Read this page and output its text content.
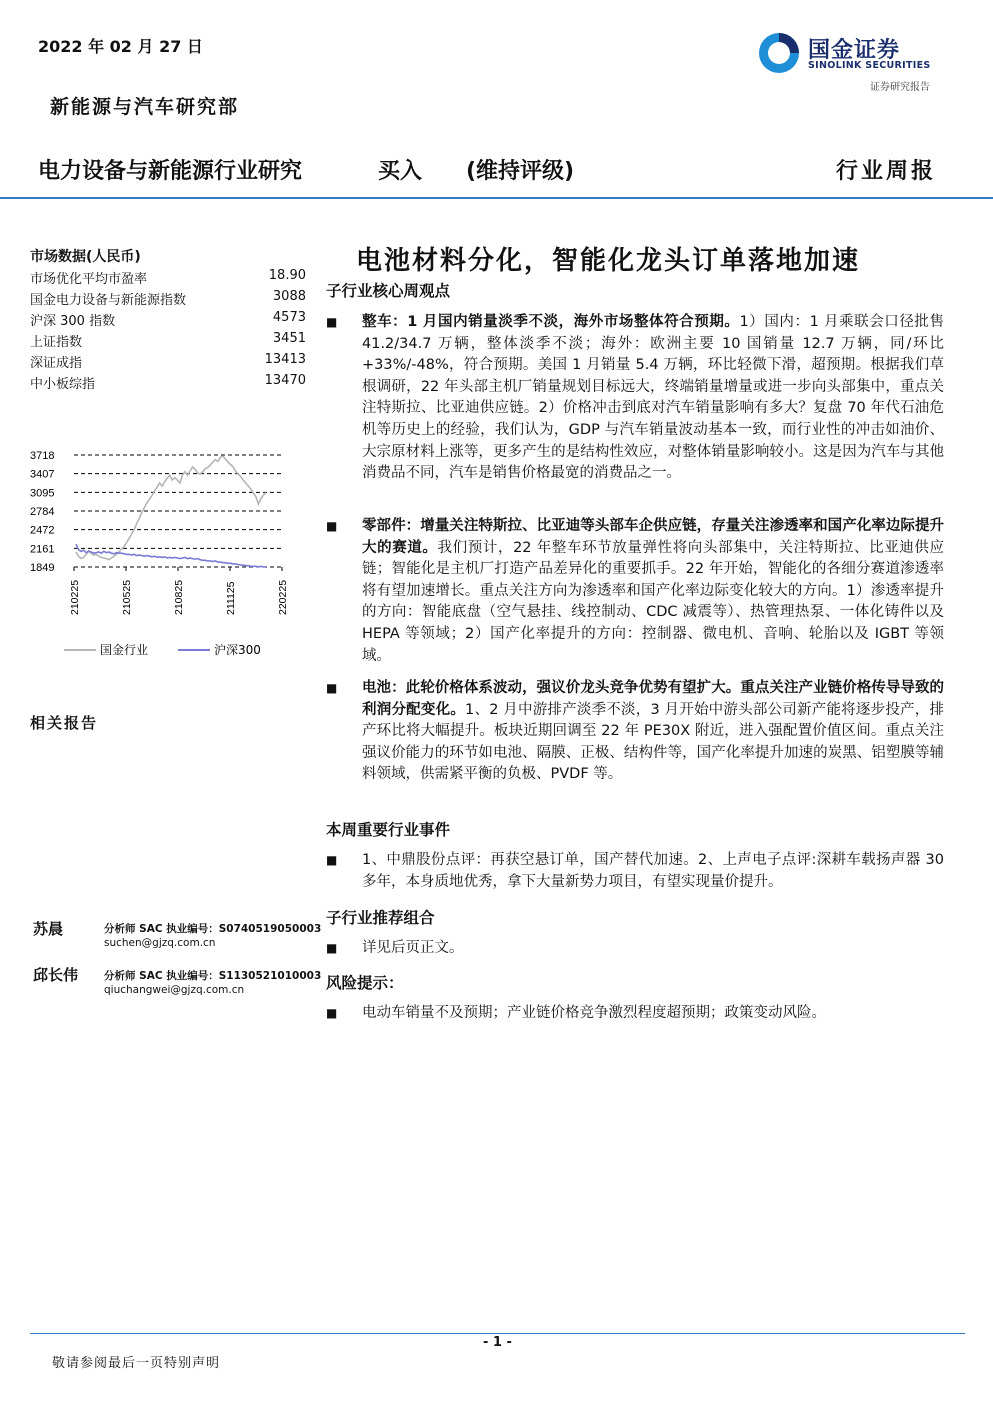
2022 年 02 月 27 日	国金证券
SINOLINK SECURITIES
证券研究报告
新能源与汽车研究部
电力设备与新能源行业研究	买入 (维持评级)	行业周报
市场数据(人民币)
市场优化平均市盈率	18.90
国金电力设备与新能源指数	3088
沪深 300 指数	4573
上证指数	3451
深证成指	13413
中小板综指	13470
3718
3407
3095
2784
2472
2161
1849
210225	210525	210825	211125	220225
国金行业	沪深300
相关报告
苏晨	分析师 SAC 执业编号：S0740519050003
suchen@gjzq.com.cn
邱长伟 分析师 SAC 执业编号：S1130521010003
qiuchangwei@gjzq.com.cn
电池材料分化，智能化龙头订单落地加速
子行业核心周观点
■ 整车：1 月国内销量淡季不淡，海外市场整体符合预期。1）国内：1 月乘联会口径批售 41.2/34.7 万辆，整体淡季不淡；海外：欧洲主要 10 国销量 12.7 万辆，同/环比+33%/-48%，符合预期。美国 1 月销量 5.4 万辆，环比轻微下滑，超预期。根据我们草根调研，22 年头部主机厂销量规划目标远大，终端销量增量或进一步向头部集中，重点关注特斯拉、比亚迪供应链。2）价格冲击到底对汽车销量影响有多大？复盘 70 年代石油危机等历史上的经验，我们认为，GDP 与汽车销量波动基本一致，而行业性的冲击如油价、大宗原材料上涨等，更多产生的是结构性效应，对整体销量影响较小。这是因为汽车与其他消费品不同，汽车是销售价格最宽的消费品之一。
■ 零部件：增量关注特斯拉、比亚迪等头部车企供应链，存量关注渗透率和国产化率边际提升大的赛道。我们预计，22 年整车环节放量弹性将向头部集中，关注特斯拉、比亚迪供应链；智能化是主机厂打造产品差异化的重要抓手。22 年开始，智能化的各细分赛道渗透率将有望加速增长。重点关注方向为渗透率和国产化率边际变化较大的方向。1）渗透率提升的方向：智能底盘（空气悬挂、线控制动、CDC 减震等）、热管理热泵、一体化铸件以及 HEPA 等领域；2）国产化率提升的方向：控制器、微电机、音响、轮胎以及 IGBT 等领域。
■ 电池：此轮价格体系波动，强议价龙头竞争优势有望扩大。重点关注产业链价格传导导致的利润分配变化。1、2 月中游排产淡季不淡，3 月开始中游头部公司新产能将逐步投产，排产环比将大幅提升。板块近期回调至 22 年 PE30X 附近，进入强配置价值区间。重点关注强议价能力的环节如电池、隔膜、正极、结构件等，国产化率提升加速的炭黑、铝塑膜等辅料领域，供需紧平衡的负极、PVDF 等。
本周重要行业事件
■ 1、中鼎股份点评：再获空悬订单，国产替代加速。2、上声电子点评:深耕车载扬声器 30 多年，本身质地优秀，拿下大量新势力项目，有望实现量价提升。
子行业推荐组合
■ 详见后页正文。
风险提示：
■ 电动车销量不及预期；产业链价格竞争激烈程度超预期；政策变动风险。
- 1 -
敬请参阅最后一页特别声明
